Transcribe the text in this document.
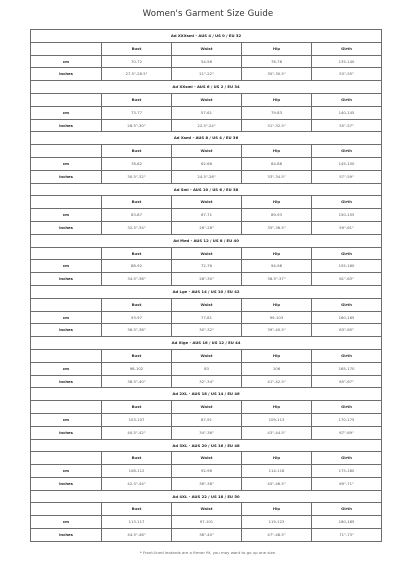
Women's Garment Size Guide
Ad XXXsml - AUS 4 / US 0 / EU 32				
	Bust	Waist	Hip	Girth
cm	70-72	54-56	76-78	135-140
inches	27.5"-28.5"	21"-22"	30"-30.5"	53"-55"
Ad XXsml - AUS 6 / US 2 / EU 34				
	Bust	Waist	Hip	Girth
cm	73-77	57-61	79-83	140-145
inches	28.5"-30"	22.5"-24"	31"-32.5"	55"-57"
Ad Xsml - AUS 8 / US 4 / EU 36				
	Bust	Waist	Hip	Girth
cm	78-82	62-66	84-88	145-150
inches	30.5"-32"	24.5"-26"	33"-34.5"	57"-59"
Ad Sml - AUS 10 / US 6 / EU 38				
	Bust	Waist	Hip	Girth
cm	83-87	67-71	89-93	150-155
inches	32.5"-34"	26"-28"	35"-36.5"	59"-61"
Ad Med - AUS 12 / US 8 / EU 40				
	Bust	Waist	Hip	Girth
cm	88-92	72-76	94-98	155-160
inches	34.5"-36"	28"-30"	36.5"-37"	61"-63"
Ad Lge - AUS 14 / US 10 / EU 42				
	Bust	Waist	Hip	Girth
cm	93-97	77-81	99-103	160-165
inches	36.5"-38"	30"-32"	39"-40.5"	63"-65"
Ad Xlge - AUS 16 / US 12 / EU 44				
	Bust	Waist	Hip	Girth
cm	98-102	83	106	165-170
inches	38.5"-40"	32"-34"	41"-42.5"	65"-67"
Ad 2XL - AUS 18 / US 14 / EU 46				
	Bust	Waist	Hip	Girth
cm	103-107	87-91	109-113	170-175
inches	40.5"-42"	34"-36"	43"-44.5"	67"-69"
Ad 3XL - AUS 20 / US 16 / EU 48				
	Bust	Waist	Hip	Girth
cm	108-112	92-96	114-118	175-180
inches	42.5"-44"	36"-38"	45"-46.5"	69"-71"
Ad 4XL - AUS 22 / US 18 / EU 50				
	Bust	Waist	Hip	Girth
cm	113-117	97-101	119-123	180-185
inches	44.5"-46"	38"-40"	47"-48.5"	71"-73"
* Front-lined leotards are a firmer fit, you may want to go up one size.
